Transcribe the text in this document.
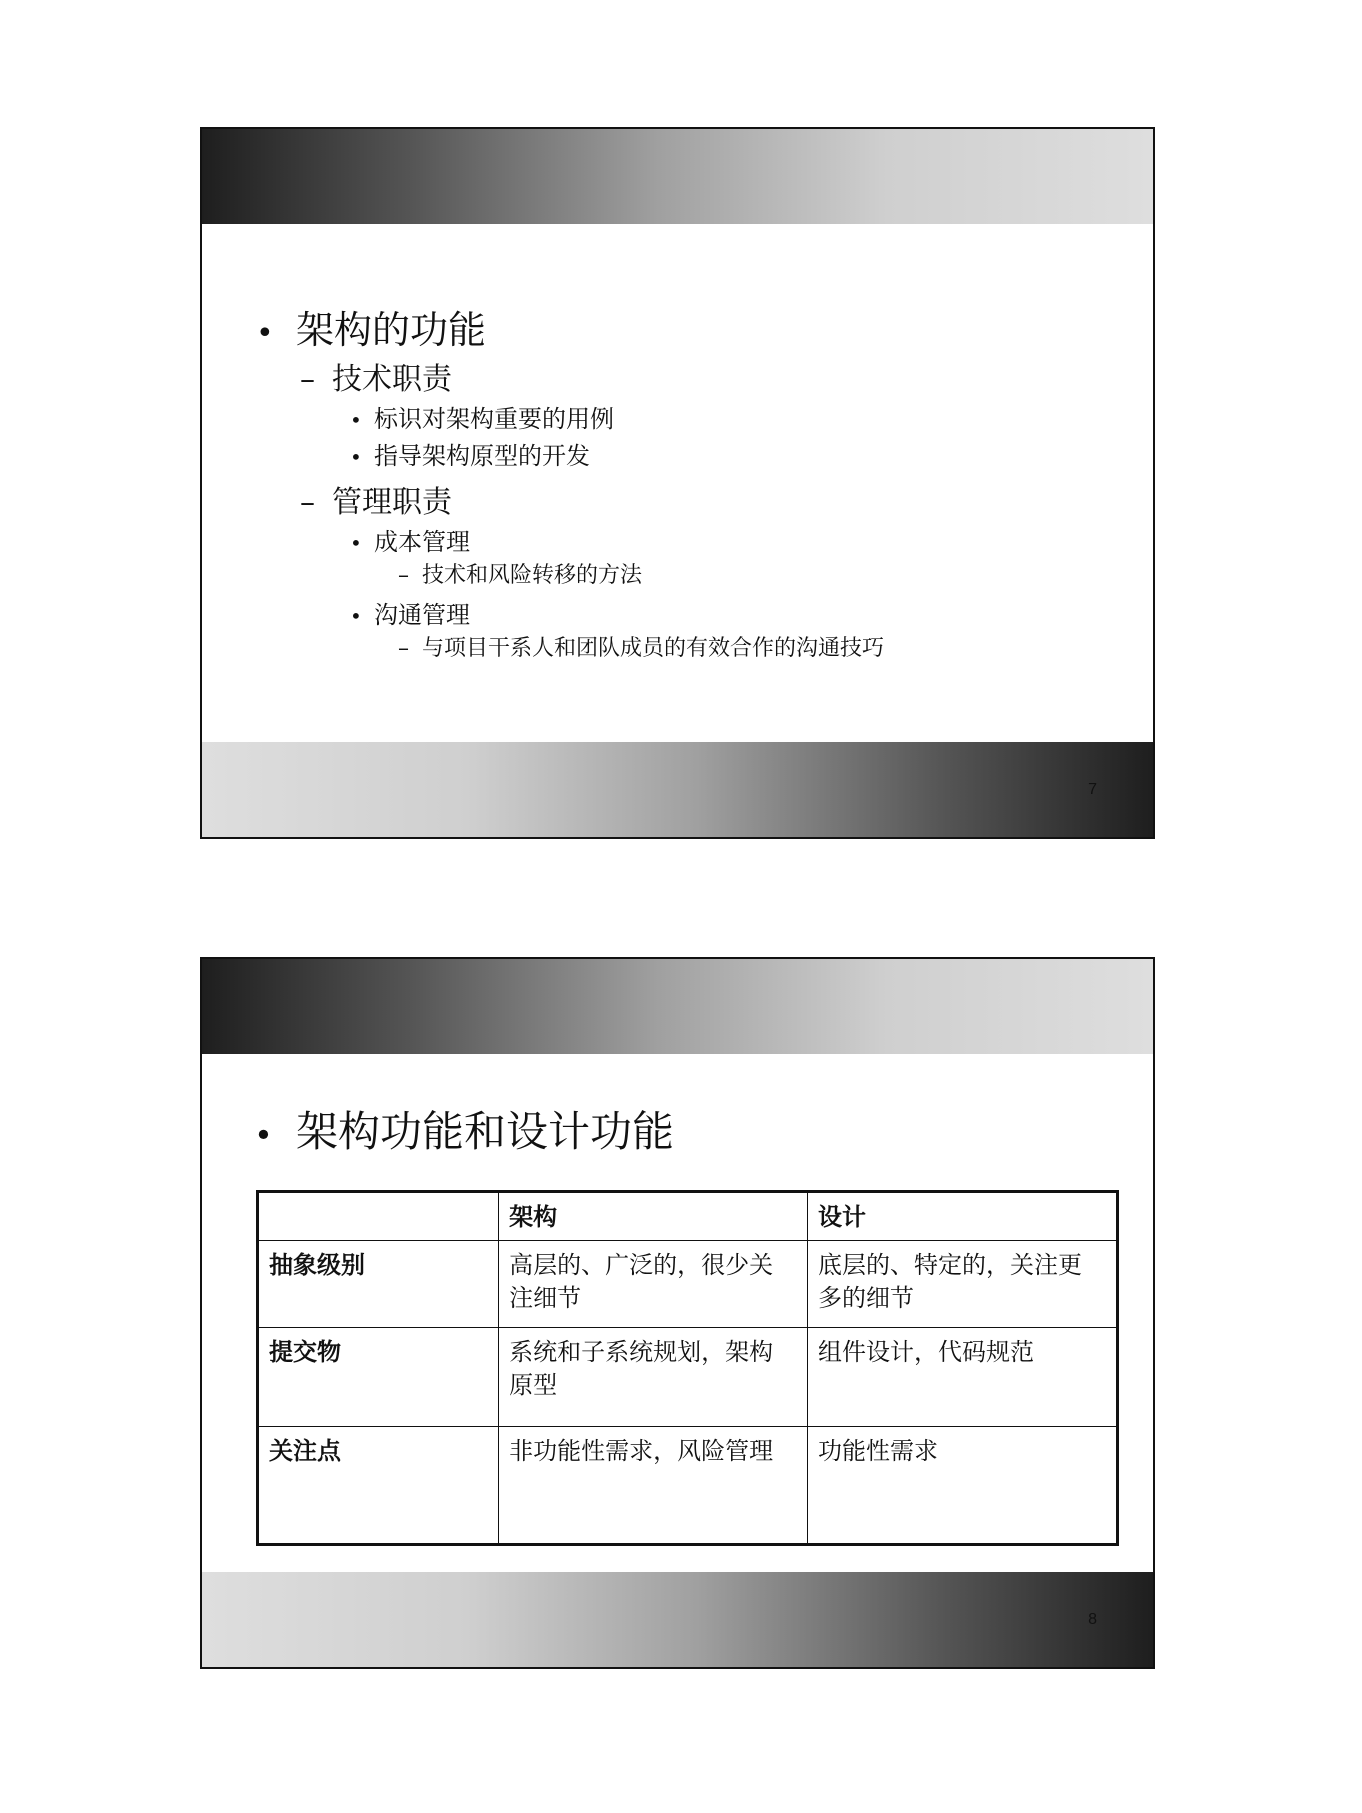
• 架构的功能
– 技术职责
• 标识对架构重要的用例
• 指导架构原型的开发
– 管理职责
• 成本管理
– 技术和风险转移的方法
• 沟通管理
– 与项目干系人和团队成员的有效合作的沟通技巧
7
• 架构功能和设计功能
	架构	设计
抽象级别	高层的、广泛的，很少关注细节	底层的、特定的，关注更多的细节
提交物	系统和子系统规划，架构原型	组件设计，代码规范
关注点	非功能性需求，风险管理	功能性需求
8
